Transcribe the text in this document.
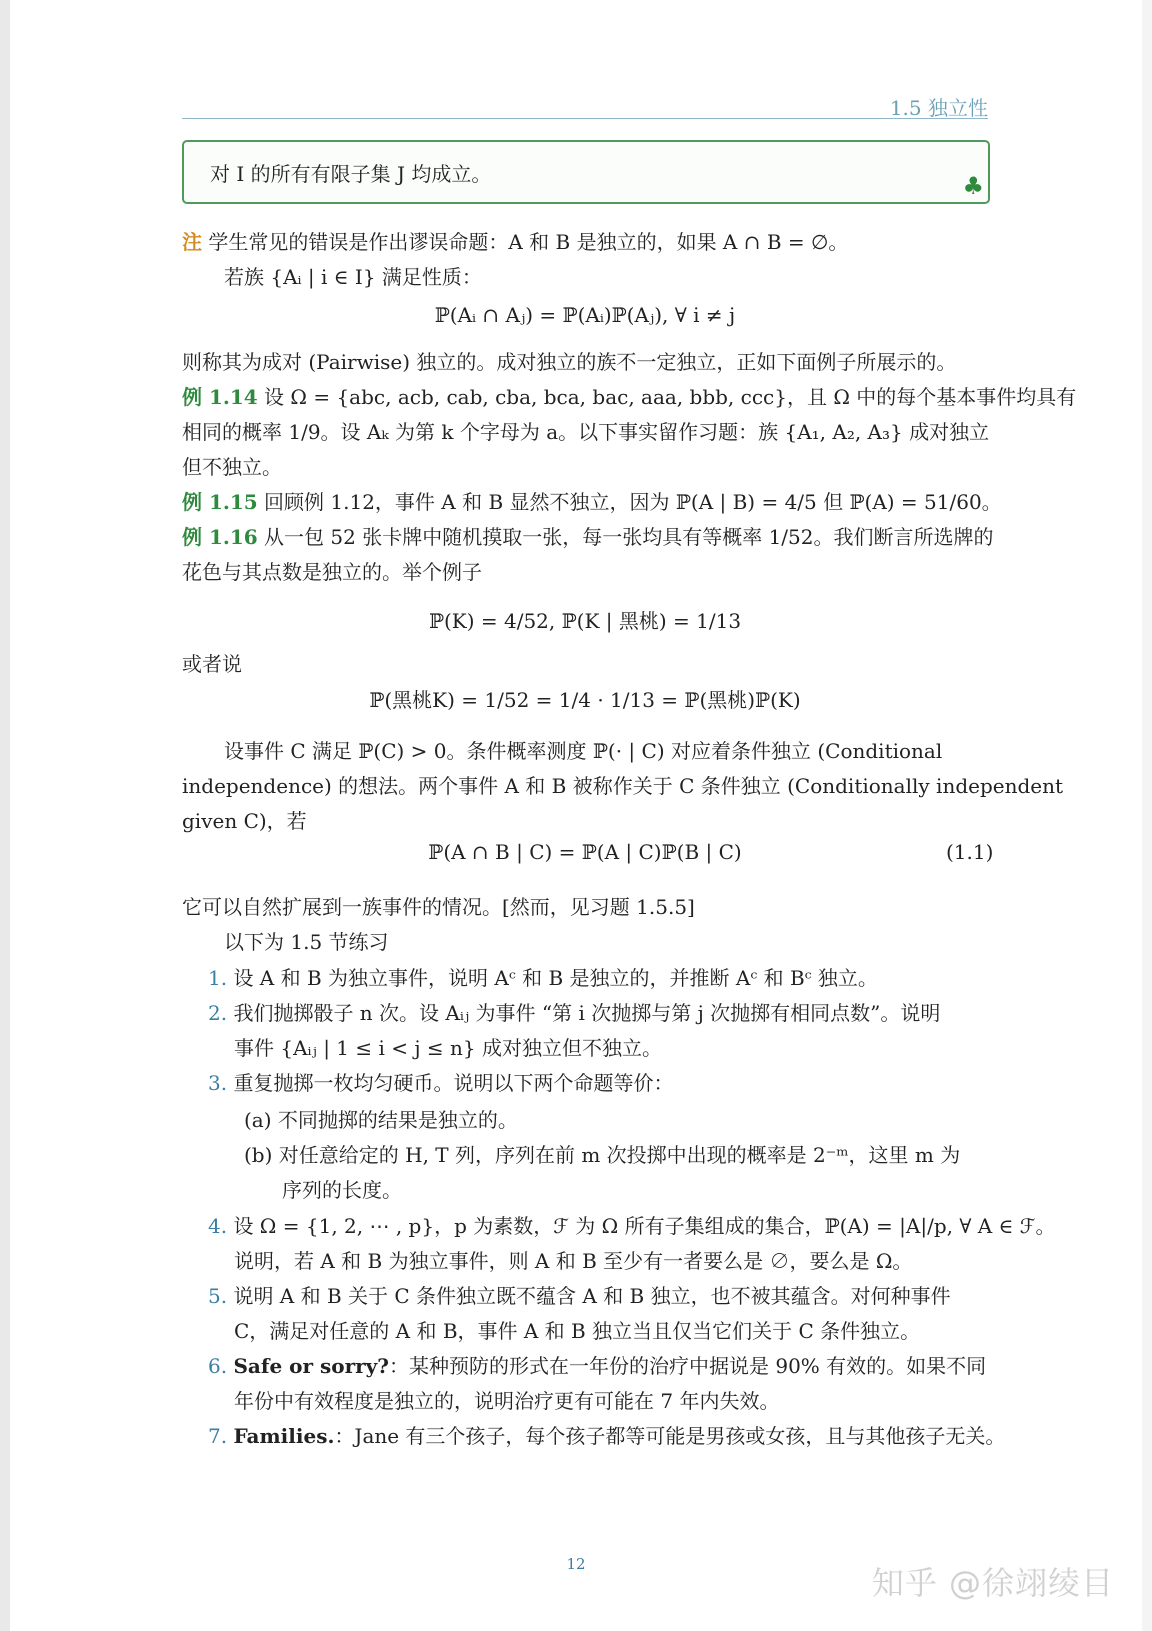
1.5 独立性
对 I 的所有有限子集 J 均成立。	♣
注 学生常见的错误是作出谬误命题：A 和 B 是独立的，如果 A ∩ B = ∅。
若族 {Aᵢ | i ∈ I} 满足性质：
ℙ(Aᵢ ∩ Aⱼ) = ℙ(Aᵢ)ℙ(Aⱼ), ∀ i ≠ j
则称其为成对 (Pairwise) 独立的。成对独立的族不一定独立，正如下面例子所展示的。
例 1.14 设 Ω = {abc, acb, cab, cba, bca, bac, aaa, bbb, ccc}，且 Ω 中的每个基本事件均具有
相同的概率 1/9。设 Aₖ 为第 k 个字母为 a。以下事实留作习题：族 {A₁, A₂, A₃} 成对独立
但不独立。
例 1.15 回顾例 1.12，事件 A 和 B 显然不独立，因为 ℙ(A | B) = 4/5 但 ℙ(A) = 51/60。
例 1.16 从一包 52 张卡牌中随机摸取一张，每一张均具有等概率 1/52。我们断言所选牌的
花色与其点数是独立的。举个例子
ℙ(K) = 4/52, ℙ(K | 黑桃) = 1/13
或者说
ℙ(黑桃K) = 1/52 = 1/4 · 1/13 = ℙ(黑桃)ℙ(K)
设事件 C 满足 ℙ(C) > 0。条件概率测度 ℙ(· | C) 对应着条件独立 (Conditional
independence) 的想法。两个事件 A 和 B 被称作关于 C 条件独立 (Conditionally independent
given C)，若
ℙ(A ∩ B | C) = ℙ(A | C)ℙ(B | C)	(1.1)
它可以自然扩展到一族事件的情况。[然而，见习题 1.5.5]
以下为 1.5 节练习
1. 设 A 和 B 为独立事件，说明 Aᶜ 和 B 是独立的，并推断 Aᶜ 和 Bᶜ 独立。
2. 我们抛掷骰子 n 次。设 Aᵢⱼ 为事件 “第 i 次抛掷与第 j 次抛掷有相同点数”。说明
事件 {Aᵢⱼ | 1 ≤ i < j ≤ n} 成对独立但不独立。
3. 重复抛掷一枚均匀硬币。说明以下两个命题等价：
(a) 不同抛掷的结果是独立的。
(b) 对任意给定的 H, T 列，序列在前 m 次投掷中出现的概率是 2⁻ᵐ，这里 m 为
序列的长度。
4. 设 Ω = {1, 2, ⋯ , p}，p 为素数，ℱ 为 Ω 所有子集组成的集合，ℙ(A) = |A|/p, ∀ A ∈ ℱ。
说明，若 A 和 B 为独立事件，则 A 和 B 至少有一者要么是 ∅，要么是 Ω。
5. 说明 A 和 B 关于 C 条件独立既不蕴含 A 和 B 独立，也不被其蕴含。对何种事件
C，满足对任意的 A 和 B，事件 A 和 B 独立当且仅当它们关于 C 条件独立。
6. Safe or sorry?：某种预防的形式在一年份的治疗中据说是 90% 有效的。如果不同
年份中有效程度是独立的，说明治疗更有可能在 7 年内失效。
7. Families.：Jane 有三个孩子，每个孩子都等可能是男孩或女孩，且与其他孩子无关。
12	知乎 @徐翊绫目
